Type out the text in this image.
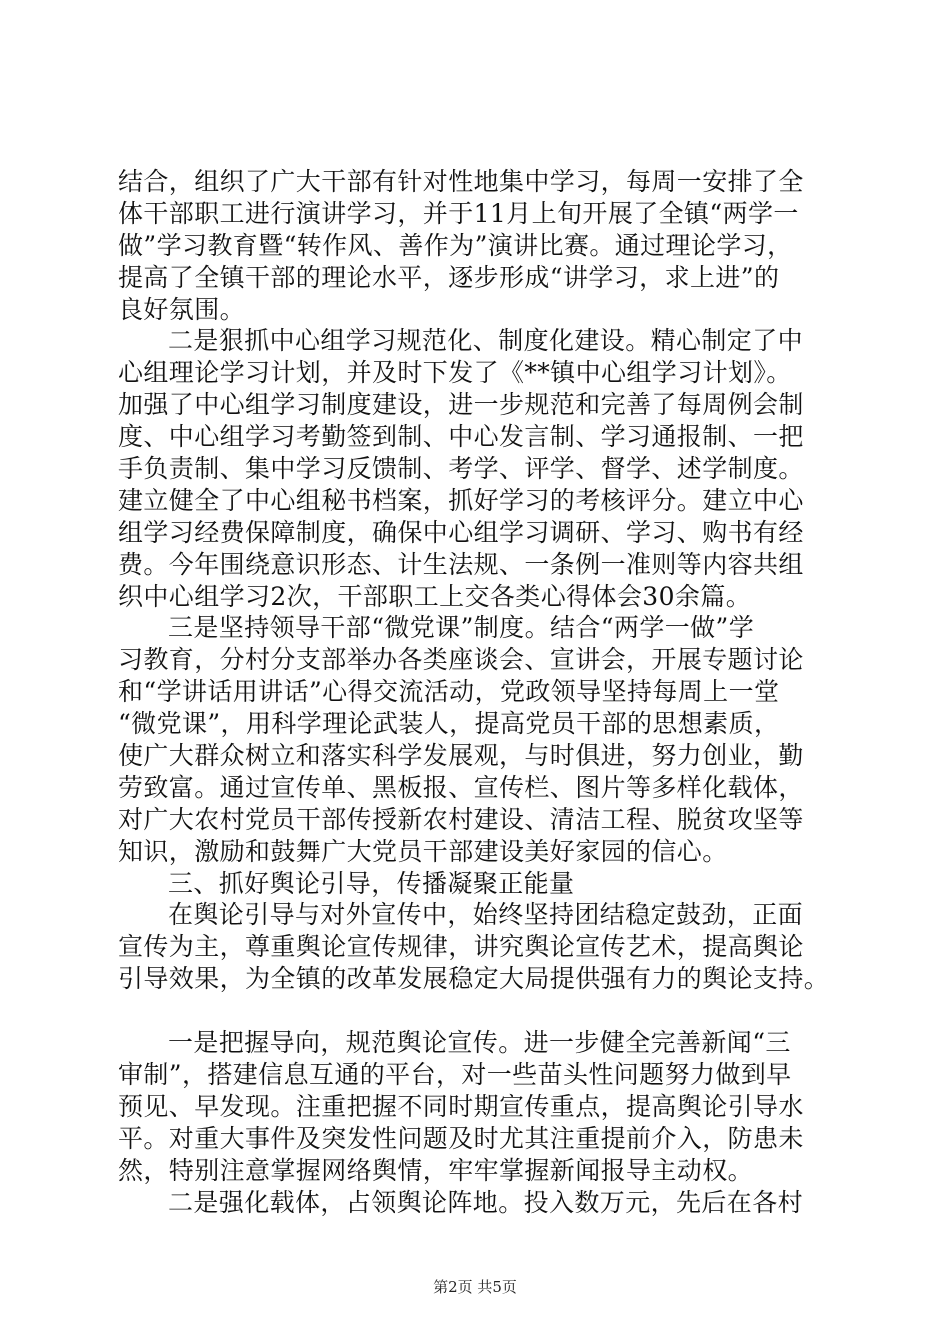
结合，组织了广大干部有针对性地集中学习，每周一安排了全
体干部职工进行演讲学习，并于11月上旬开展了全镇“两学一
做”学习教育暨“转作风、善作为”演讲比赛。通过理论学习，
提高了全镇干部的理论水平，逐步形成“讲学习，求上进”的
良好氛围。
二是狠抓中心组学习规范化、制度化建设。精心制定了中
心组理论学习计划，并及时下发了《**镇中心组学习计划》。
加强了中心组学习制度建设，进一步规范和完善了每周例会制
度、中心组学习考勤签到制、中心发言制、学习通报制、一把
手负责制、集中学习反馈制、考学、评学、督学、述学制度。
建立健全了中心组秘书档案，抓好学习的考核评分。建立中心
组学习经费保障制度，确保中心组学习调研、学习、购书有经
费。今年围绕意识形态、计生法规、一条例一准则等内容共组
织中心组学习2次，干部职工上交各类心得体会30余篇。
三是坚持领导干部“微党课”制度。结合“两学一做”学
习教育，分村分支部举办各类座谈会、宣讲会，开展专题讨论
和“学讲话用讲话”心得交流活动，党政领导坚持每周上一堂
“微党课”，用科学理论武装人，提高党员干部的思想素质，
使广大群众树立和落实科学发展观，与时俱进，努力创业，勤
劳致富。通过宣传单、黑板报、宣传栏、图片等多样化载体，
对广大农村党员干部传授新农村建设、清洁工程、脱贫攻坚等
知识，激励和鼓舞广大党员干部建设美好家园的信心。
三、抓好舆论引导，传播凝聚正能量
在舆论引导与对外宣传中，始终坚持团结稳定鼓劲，正面
宣传为主，尊重舆论宣传规律，讲究舆论宣传艺术，提高舆论
引导效果，为全镇的改革发展稳定大局提供强有力的舆论支持。
一是把握导向，规范舆论宣传。进一步健全完善新闻“三
审制”，搭建信息互通的平台，对一些苗头性问题努力做到早
预见、早发现。注重把握不同时期宣传重点，提高舆论引导水
平。对重大事件及突发性问题及时尤其注重提前介入，防患未
然，特别注意掌握网络舆情，牢牢掌握新闻报导主动权。
二是强化载体，占领舆论阵地。投入数万元，先后在各村
第2页 共5页
